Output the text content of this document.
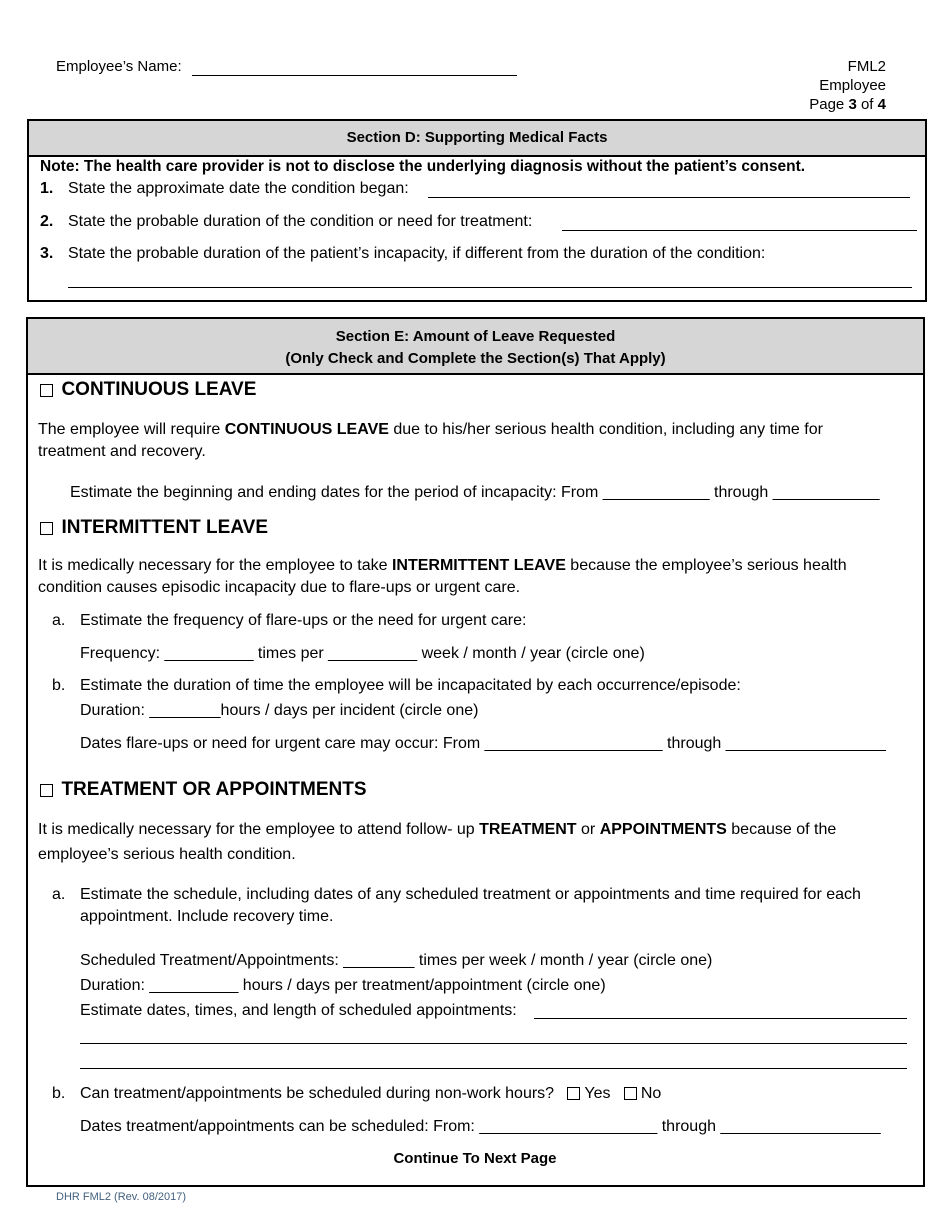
Employee’s Name:	FML2
Employee
Page 3 of 4
Section D: Supporting Medical Facts
Note: The health care provider is not to disclose the underlying diagnosis without the patient’s consent.
1. State the approximate date the condition began:
2. State the probable duration of the condition or need for treatment:
3. State the probable duration of the patient’s incapacity, if different from the duration of the condition:
Section E: Amount of Leave Requested
(Only Check and Complete the Section(s) That Apply)
CONTINUOUS LEAVE
The employee will require CONTINUOUS LEAVE due to his/her serious health condition, including any time for
treatment and recovery.
Estimate the beginning and ending dates for the period of incapacity: From ____________ through ____________
INTERMITTENT LEAVE
It is medically necessary for the employee to take INTERMITTENT LEAVE because the employee’s serious health
condition causes episodic incapacity due to flare-ups or urgent care.
a. Estimate the frequency of flare-ups or the need for urgent care:
Frequency: __________ times per __________ week / month / year (circle one)
b. Estimate the duration of time the employee will be incapacitated by each occurrence/episode:
Duration: ________hours / days per incident (circle one)
Dates flare-ups or need for urgent care may occur: From ____________________ through __________________
TREATMENT OR APPOINTMENTS
It is medically necessary for the employee to attend follow- up TREATMENT or APPOINTMENTS because of the
employee’s serious health condition.
a. Estimate the schedule, including dates of any scheduled treatment or appointments and time required for each
appointment. Include recovery time.
Scheduled Treatment/Appointments: ________ times per week / month / year (circle one)
Duration: __________ hours / days per treatment/appointment (circle one)
Estimate dates, times, and length of scheduled appointments:
b. Can treatment/appointments be scheduled during non-work hours? Yes No
Dates treatment/appointments can be scheduled: From: ____________________ through __________________
Continue To Next Page
DHR FML2 (Rev. 08/2017)
